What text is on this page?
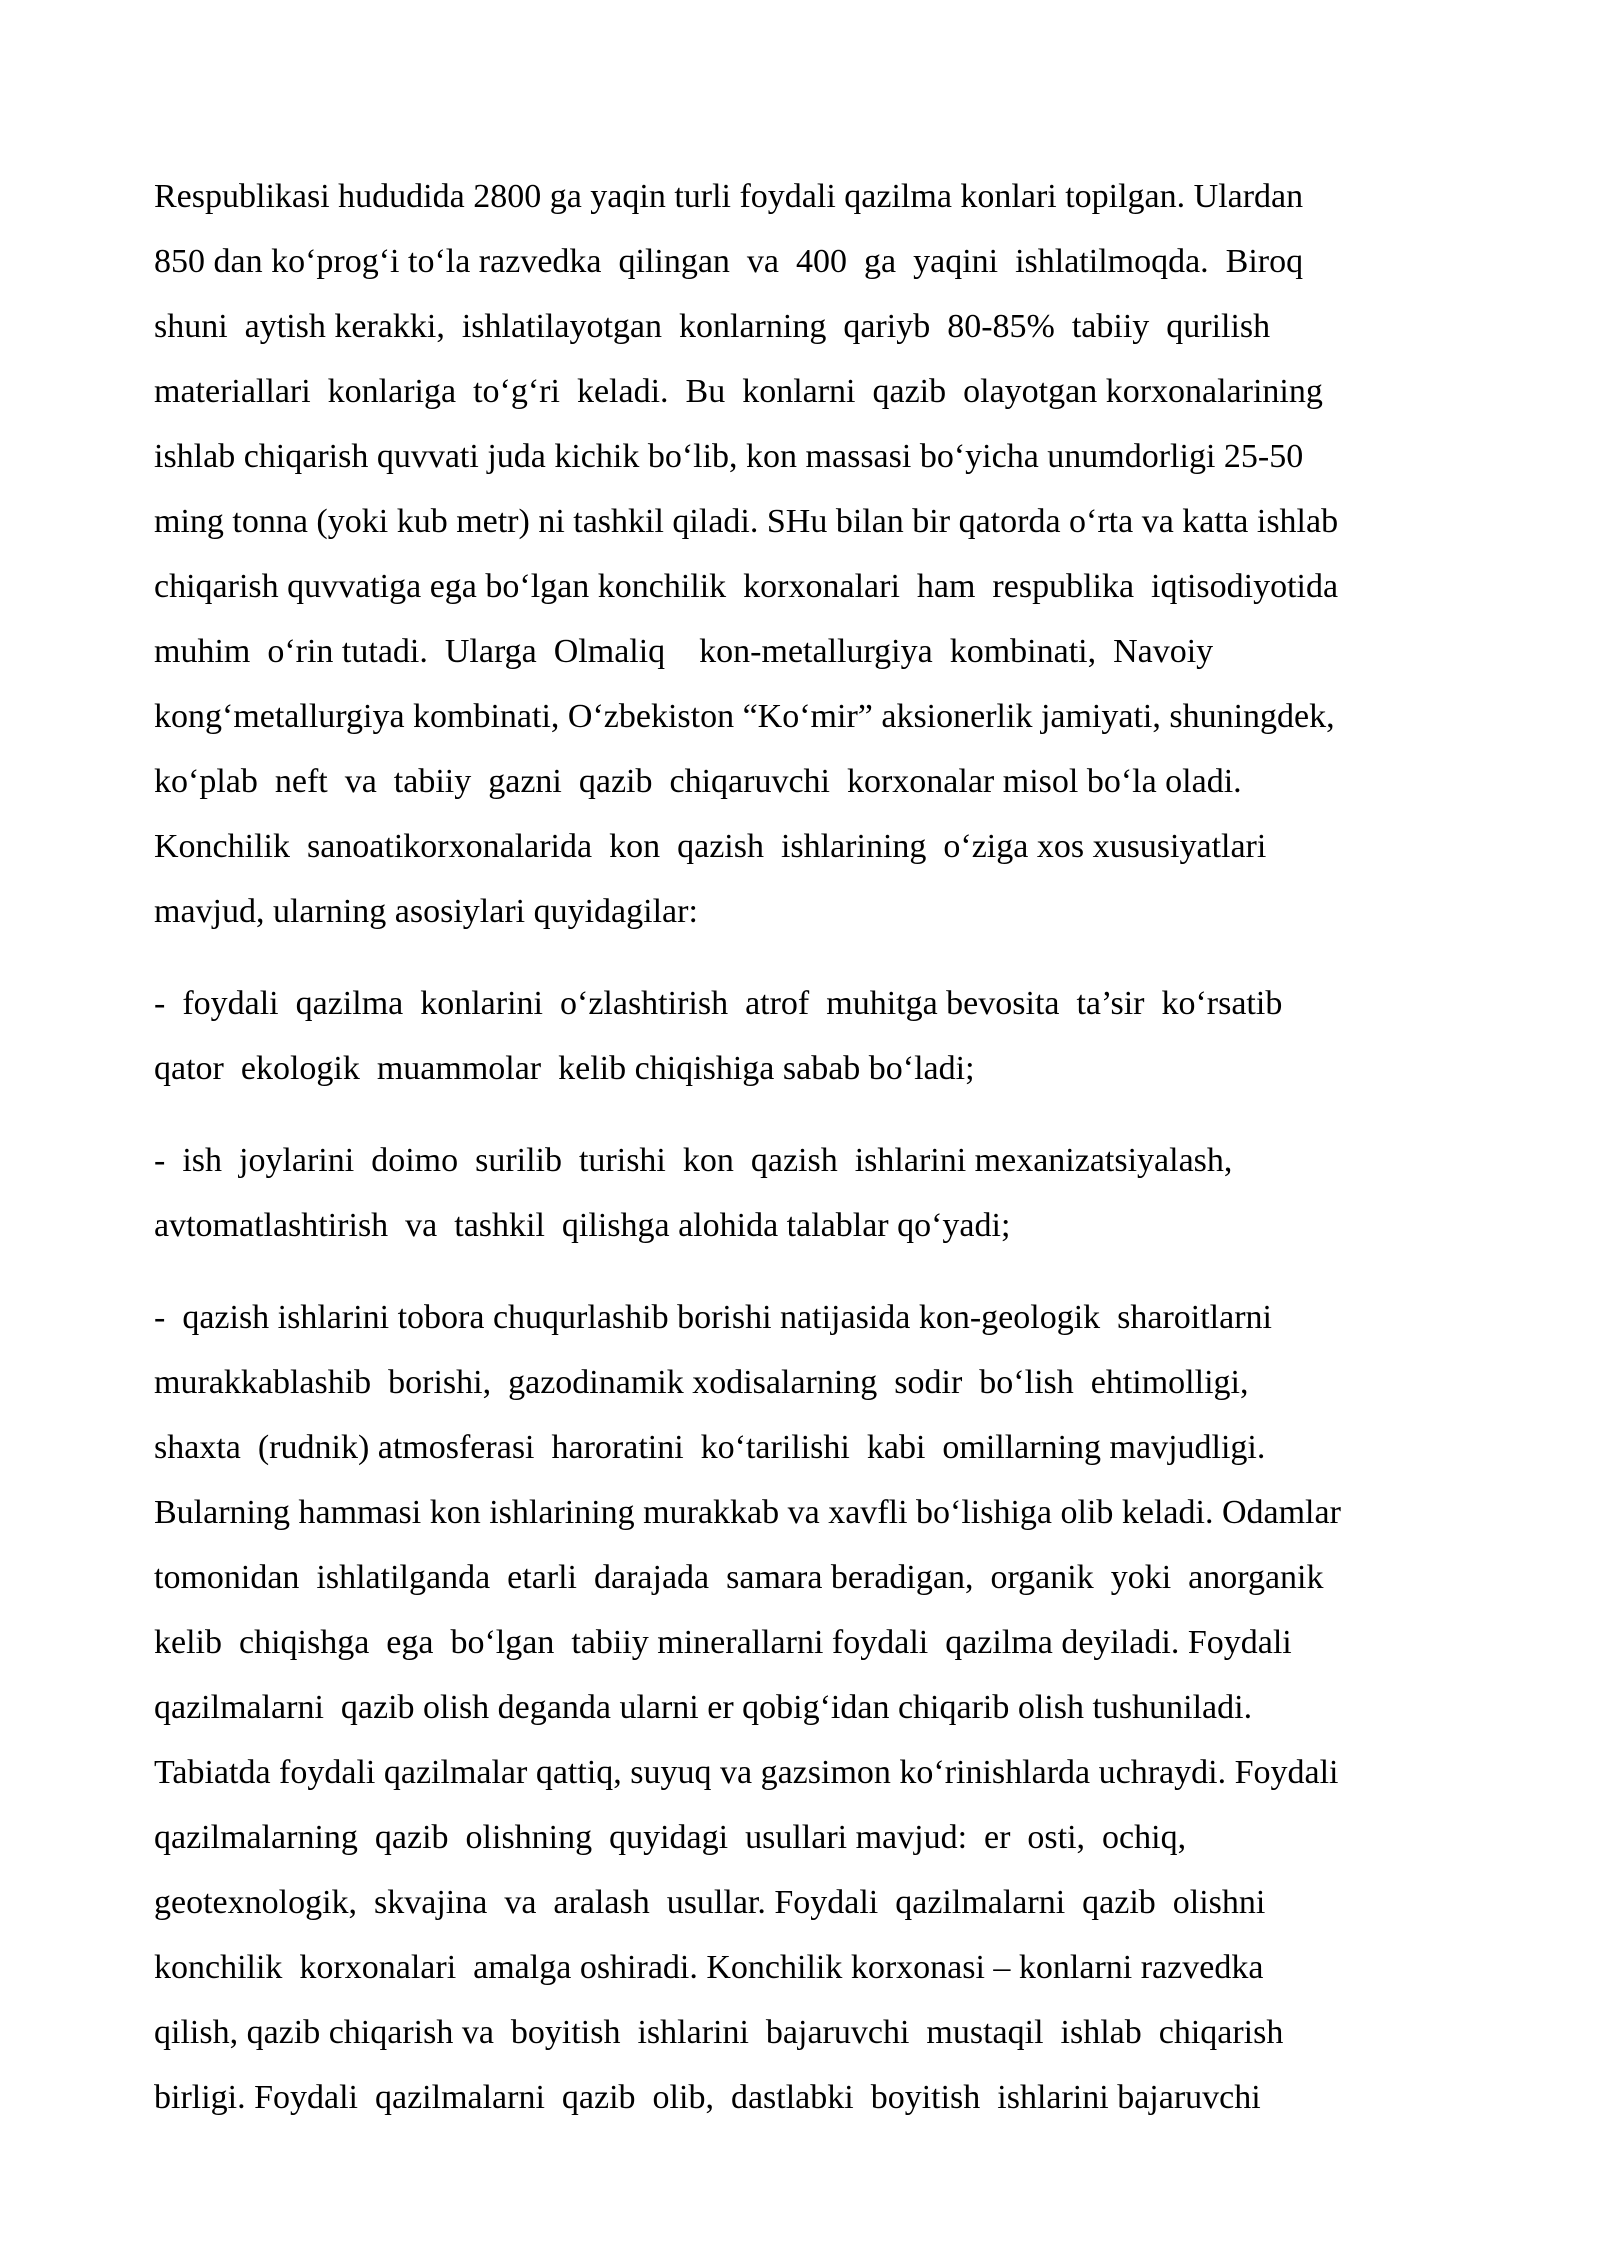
Respublikasi hududida 2800 ga yaqin turli foydali qazilma konlari topilgan. Ulardan
850 dan ko‘prog‘i to‘la razvedka  qilingan  va  400  ga  yaqini  ishlatilmoqda.  Biroq
shuni  aytish kerakki,  ishlatilayotgan  konlarning  qariyb  80-85%  tabiiy  qurilish
materiallari  konlariga  to‘g‘ri  keladi.  Bu  konlarni  qazib  olayotgan korxonalarining
ishlab chiqarish quvvati juda kichik bo‘lib, kon massasi bo‘yicha unumdorligi 25-50
ming tonna (yoki kub metr) ni tashkil qiladi. SHu bilan bir qatorda o‘rta va katta ishlab
chiqarish quvvatiga ega bo‘lgan konchilik  korxonalari  ham  respublika  iqtisodiyotida
muhim  o‘rin tutadi.  Ularga  Olmaliq    kon-metallurgiya  kombinati,  Navoiy
kong‘metallurgiya kombinati, O‘zbekiston “Ko‘mir” aksionerlik jamiyati, shuningdek,
ko‘plab  neft  va  tabiiy  gazni  qazib  chiqaruvchi  korxonalar misol bo‘la oladi.
Konchilik  sanoatikorxonalarida  kon  qazish  ishlarining  o‘ziga xos xususiyatlari
mavjud, ularning asosiylari quyidagilar:
-  foydali  qazilma  konlarini  o‘zlashtirish  atrof  muhitga bevosita  ta’sir  ko‘rsatib
qator  ekologik  muammolar  kelib chiqishiga sabab bo‘ladi;
-  ish  joylarini  doimo  surilib  turishi  kon  qazish  ishlarini mexanizatsiyalash,
avtomatlashtirish  va  tashkil  qilishga alohida talablar qo‘yadi;
-  qazish ishlarini tobora chuqurlashib borishi natijasida kon-geologik  sharoitlarni
murakkablashib  borishi,  gazodinamik xodisalarning  sodir  bo‘lish  ehtimolligi,
shaxta  (rudnik) atmosferasi  haroratini  ko‘tarilishi  kabi  omillarning mavjudligi.
Bularning hammasi kon ishlarining murakkab va xavfli bo‘lishiga olib keladi. Odamlar
tomonidan  ishlatilganda  etarli  darajada  samara beradigan,  organik  yoki  anorganik
kelib  chiqishga  ega  bo‘lgan  tabiiy minerallarni foydali  qazilma deyiladi. Foydali
qazilmalarni  qazib olish deganda ularni er qobig‘idan chiqarib olish tushuniladi.
Tabiatda foydali qazilmalar qattiq, suyuq va gazsimon ko‘rinishlarda uchraydi. Foydali
qazilmalarning  qazib  olishning  quyidagi  usullari mavjud:  er  osti,  ochiq,
geotexnologik,  skvajina  va  aralash  usullar. Foydali  qazilmalarni  qazib  olishni
konchilik  korxonalari  amalga oshiradi. Konchilik korxonasi – konlarni razvedka
qilish, qazib chiqarish va  boyitish  ishlarini  bajaruvchi  mustaqil  ishlab  chiqarish
birligi. Foydali  qazilmalarni  qazib  olib,  dastlabki  boyitish  ishlarini bajaruvchi
